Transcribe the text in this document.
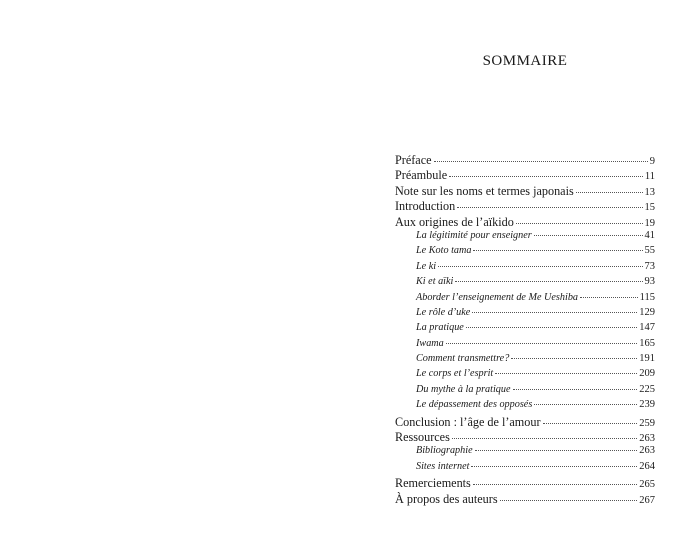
SOMMAIRE
Préface	9
Préambule	11
Note sur les noms et termes japonais	13
Introduction	15
Aux origines de l’aïkido	19
La légitimité pour enseigner	41
Le Koto tama	55
Le ki	73
Ki et aïki	93
Aborder l’enseignement de Me Ueshiba	115
Le rôle d’uke	129
La pratique	147
Iwama	165
Comment transmettre?	191
Le corps et l’esprit	209
Du mythe à la pratique	225
Le dépassement des opposés	239
Conclusion : l’âge de l’amour	259
Ressources	263
Bibliographie	263
Sites internet	264
Remerciements	265
À propos des auteurs	267
